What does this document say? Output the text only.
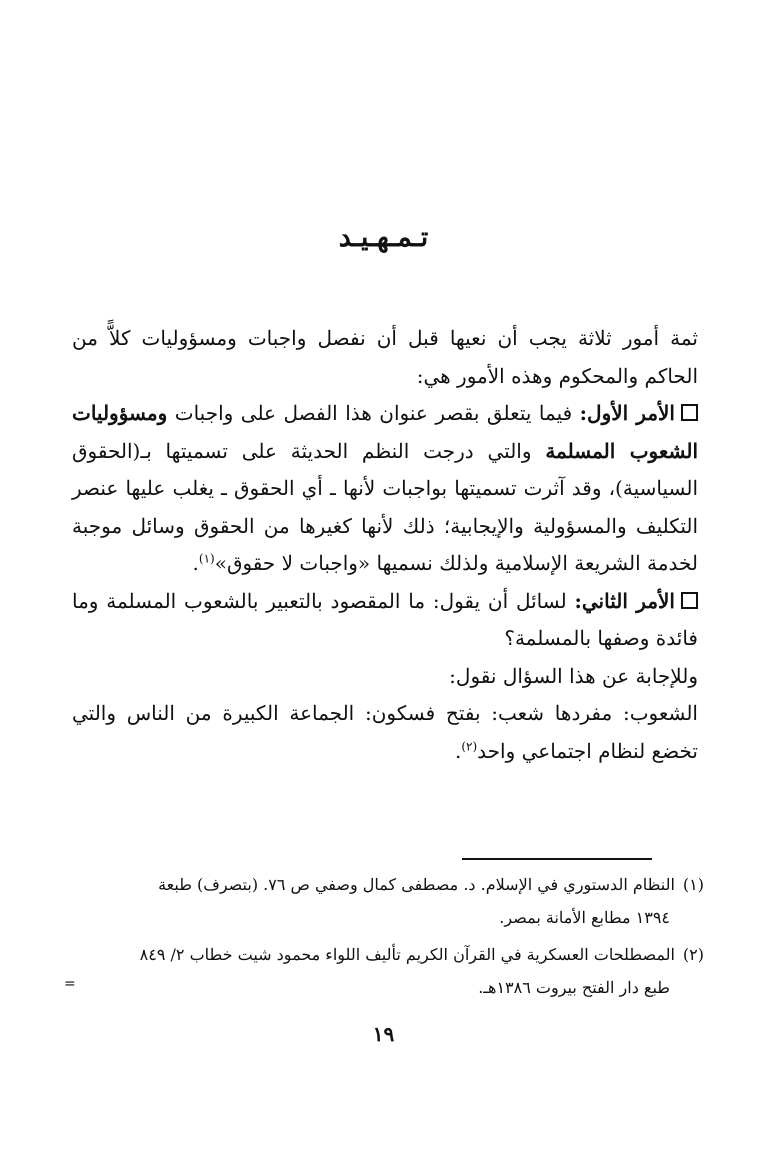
تـمـهـيـد

ثمة أمور ثلاثة يجب أن نعيها قبل أن نفصل واجبات ومسؤوليات كلاًّ من الحاكم والمحكوم وهذه الأمور هي:

الأمر الأول: فيما يتعلق بقصر عنوان هذا الفصل على واجبات ومسؤوليات الشعوب المسلمة والتي درجت النظم الحديثة على تسميتها بـ(الحقوق السياسية)، وقد آثرت تسميتها بواجبات لأنها ـ أي الحقوق ـ يغلب عليها عنصر التكليف والمسؤولية والإيجابية؛ ذلك لأنها كغيرها من الحقوق وسائل موجبة لخدمة الشريعة الإسلامية ولذلك نسميها «واجبات لا حقوق»$^{(١)}$.

الأمر الثاني: لسائل أن يقول: ما المقصود بالتعبير بالشعوب المسلمة وما فائدة وصفها بالمسلمة؟

وللإجابة عن هذا السؤال نقول:

الشعوب: مفردها شعب: بفتح فسكون: الجماعة الكبيرة من الناس والتي تخضع لنظام اجتماعي واحد$^{(٢)}$.

(١)النظام الدستوري في الإسلام. د. مصطفى كمال وصفي ص ٧٦. (بتصرف) طبعة
١٣٩٤ مطابع الأمانة بمصر.
(٢)المصطلحات العسكرية في القرآن الكريم تأليف اللواء محمود شيت خطاب ٢/ ٨٤٩
طبع دار الفتح بيروت ١٣٨٦هـ.
=
١٩
